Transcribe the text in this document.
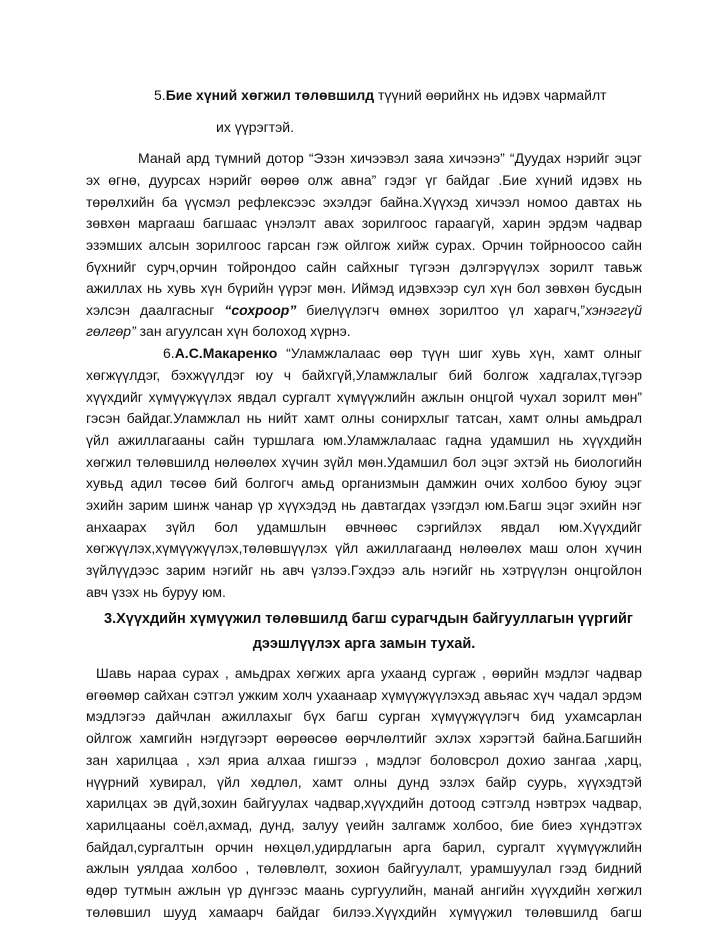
5.Бие хүний хөгжил төлөвшилд түүний өөрийнх нь идэвх чармайлт
их үүрэгтэй.
Манай ард түмний дотор “Эзэн хичээвэл заяа хичээнэ” “Дуудах нэрийг эцэг
эх өгнө, дуурсах нэрийг өөрөө олж авна” гэдэг үг байдаг .Бие хүний идэвх нь
төрөлхийн ба үүсмэл рефлексээс эхэлдэг байна.Хүүхэд хичээл номоо давтах нь
зөвхөн маргааш багшаас үнэлэлт авах зорилгоос гараагүй, харин эрдэм чадвар
эзэмших алсын зорилгоос гарсан гэж ойлгож хийж сурах. Орчин тойрноосоо сайн
бүхнийг сурч,орчин тойрондоо сайн сайхныг түгээн дэлгэрүүлэх зорилт тавьж
ажиллах нь хувь хүн бүрийн үүрэг мөн. Иймэд идэвхээр сул хүн бол зөвхөн бусдын
хэлсэн даалгасныг “сохроор” биелүүлэгч өмнөх зорилтоо үл харагч,”хэнэггүй
гөлгөр” зан агуулсан хүн болоход хүрнэ.
6.А.С.Макаренко “Уламжлалаас өөр түүн шиг хувь хүн, хамт олныг
хөгжүүлдэг, бэхжүүлдэг юу ч байхгүй,Уламжлалыг бий болгож хадгалах,түгээр
хүүхдийг хүмүүжүүлэх явдал сургалт хүмүүжлийн ажлын онцгой чухал зорилт мөн”
гэсэн байдаг.Уламжлал нь нийт хамт олны сонирхлыг татсан, хамт олны амьдрал
үйл ажиллагааны сайн туршлага юм.Уламжлалаас гадна удамшил нь хүүхдийн
хөгжил төлөвшилд нөлөөлөх хүчин зүйл мөн.Удамшил бол эцэг эхтэй нь биологийн
хувьд адил төсөө бий болгогч амьд организмын дамжин очих холбоо буюу эцэг
эхийн зарим шинж чанар үр хүүхэдэд нь давтагдах үзэгдэл юм.Багш эцэг эхийн нэг
анхаарах зүйл бол удамшлын өвчнөөс сэргийлэх явдал юм.Хүүхдийг
хөгжүүлэх,хүмүүжүүлэх,төлөвшүүлэх үйл ажиллагаанд нөлөөлөх маш олон хүчин
зүйлүүдээс зарим нэгийг нь авч үзлээ.Гэхдээ аль нэгийг нь хэтрүүлэн онцгойлон
авч үзэх нь буруу юм.
3.Хүүхдийн хүмүүжил төлөвшилд багш сурагчдын байгууллагын үүргийг
дээшлүүлэх арга замын тухай.
Шавь нараа сурах , амьдрах хөгжих арга ухаанд сургаж , өөрийн мэдлэг чадвар
өгөөмөр сайхан сэтгэл ужким холч ухаанаар хүмүүжүүлэхэд авьяас хүч чадал эрдэм
мэдлэгээ дайчлан ажиллахыг бүх багш сурган хүмүүжүүлэгч бид ухамсарлан
ойлгож хамгийн нэгдүгээрт өөрөөсөө өөрчлөлтийг эхлэх хэрэгтэй байна.Багшийн
зан харилцаа , хэл яриа алхаа гишгээ , мэдлэг боловсрол дохио зангаа ,харц,
нүүрний хувирал, үйл хөдлөл, хамт олны дунд эзлэх байр суурь, хүүхэдтэй
харилцах эв дүй,зохин байгуулах чадвар,хүүхдийн дотоод сэтгэлд нэвтрэх чадвар,
харилцааны соёл,ахмад, дунд, залуу үеийн залгамж холбоо, бие биеэ хүндэтгэх
байдал,сургалтын орчин нөхцөл,удирдлагын арга барил, сургалт хүүмүүжлийн
ажлын уялдаа холбоо , төлөвлөлт, зохион байгуулалт, урамшуулал гээд бидний
өдөр тутмын ажлын үр дүнгээс маань сургуулийн, манай ангийн хүүхдийн хөгжил
төлөвшил шууд хамаарч байдаг билээ.Хүүхдийн хүмүүжил төлөвшилд багш
